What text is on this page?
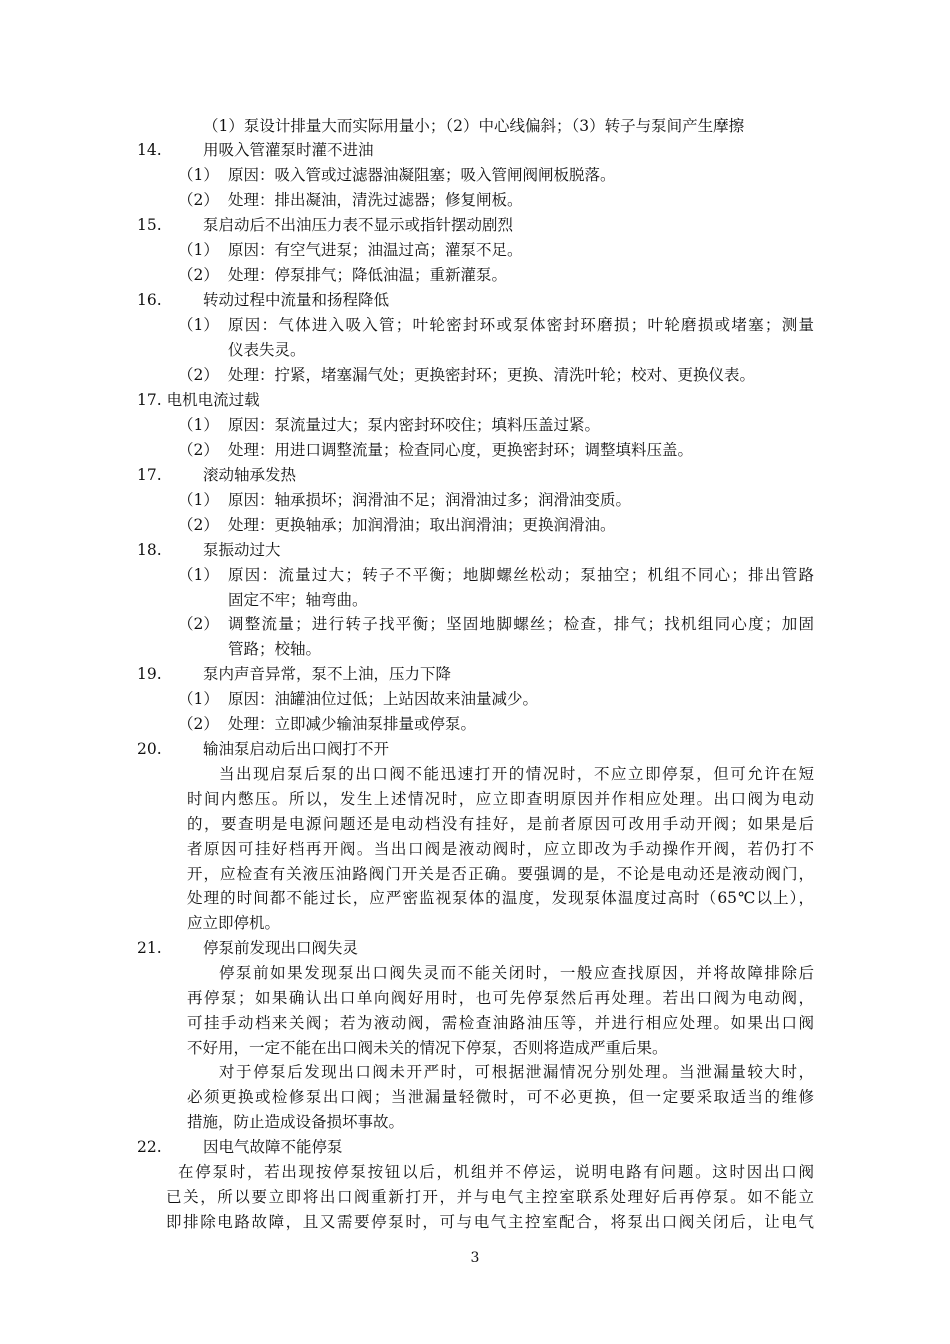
（1）泵设计排量大而实际用量小；（2）中心线偏斜；（3）转子与泵间产生摩擦
14.	用吸入管灌泵时灌不进油
（1） 原因：吸入管或过滤器油凝阻塞；吸入管闸阀闸板脱落。
（2） 处理：排出凝油，清洗过滤器；修复闸板。
15.	泵启动后不出油压力表不显示或指针摆动剧烈
（1） 原因：有空气进泵；油温过高；灌泵不足。
（2） 处理：停泵排气；降低油温；重新灌泵。
16.	转动过程中流量和扬程降低
（1） 原因：气体进入吸入管；叶轮密封环或泵体密封环磨损；叶轮磨损或堵塞；测量
仪表失灵。
（2） 处理：拧紧，堵塞漏气处；更换密封环；更换、清洗叶轮；校对、更换仪表。
17. 电机电流过载
（1） 原因：泵流量过大；泵内密封环咬住；填料压盖过紧。
（2） 处理：用进口调整流量；检查同心度，更换密封环；调整填料压盖。
17.	滚动轴承发热
（1） 原因：轴承损坏；润滑油不足；润滑油过多；润滑油变质。
（2） 处理：更换轴承；加润滑油；取出润滑油；更换润滑油。
18.	泵振动过大
（1） 原因：流量过大；转子不平衡；地脚螺丝松动；泵抽空；机组不同心；排出管路
固定不牢；轴弯曲。
（2） 调整流量；进行转子找平衡；坚固地脚螺丝；检查，排气；找机组同心度；加固
管路；校轴。
19.	泵内声音异常，泵不上油，压力下降
（1） 原因：油罐油位过低；上站因故来油量减少。
（2） 处理：立即减少输油泵排量或停泵。
20.	输油泵启动后出口阀打不开
当出现启泵后泵的出口阀不能迅速打开的情况时，不应立即停泵，但可允许在短
时间内憋压。所以，发生上述情况时，应立即查明原因并作相应处理。出口阀为电动
的，要查明是电源问题还是电动档没有挂好，是前者原因可改用手动开阀；如果是后
者原因可挂好档再开阀。当出口阀是液动阀时，应立即改为手动操作开阀，若仍打不
开，应检查有关液压油路阀门开关是否正确。要强调的是，不论是电动还是液动阀门，
处理的时间都不能过长，应严密监视泵体的温度，发现泵体温度过高时（65℃以上），
应立即停机。
21.	停泵前发现出口阀失灵
停泵前如果发现泵出口阀失灵而不能关闭时，一般应查找原因，并将故障排除后
再停泵；如果确认出口单向阀好用时，也可先停泵然后再处理。若出口阀为电动阀，
可挂手动档来关阀；若为液动阀，需检查油路油压等，并进行相应处理。如果出口阀
不好用，一定不能在出口阀未关的情况下停泵，否则将造成严重后果。
对于停泵后发现出口阀未开严时，可根据泄漏情况分别处理。当泄漏量较大时，
必须更换或检修泵出口阀；当泄漏量轻微时，可不必更换，但一定要采取适当的维修
措施，防止造成设备损坏事故。
22.	因电气故障不能停泵
在停泵时，若出现按停泵按钮以后，机组并不停运，说明电路有问题。这时因出口阀
已关，所以要立即将出口阀重新打开，并与电气主控室联系处理好后再停泵。如不能立
即排除电路故障，且又需要停泵时，可与电气主控室配合，将泵出口阀关闭后，让电气
3
